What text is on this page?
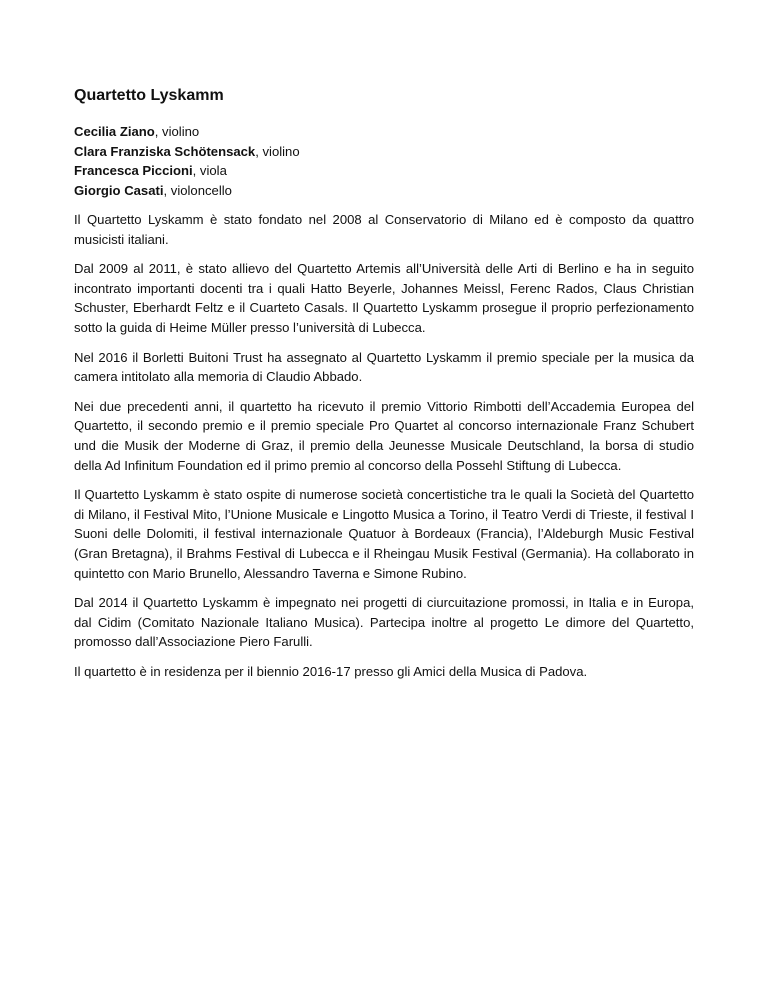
Quartetto Lyskamm
Cecilia Ziano, violino
Clara Franziska Schötensack, violino
Francesca Piccioni, viola
Giorgio Casati, violoncello

Il Quartetto Lyskamm è stato fondato nel 2008 al Conservatorio di Milano ed è composto da quattro musicisti italiani.

Dal 2009 al 2011, è stato allievo del Quartetto Artemis all’Università delle Arti di Berlino e ha in seguito incontrato importanti docenti tra i quali Hatto Beyerle, Johannes Meissl, Ferenc Rados, Claus Christian Schuster, Eberhardt Feltz e il Cuarteto Casals. Il Quartetto Lyskamm prosegue il proprio perfezionamento sotto la guida di Heime Müller presso l’università di Lubecca.

Nel 2016 il Borletti Buitoni Trust ha assegnato al Quartetto Lyskamm il premio speciale per la musica da camera intitolato alla memoria di Claudio Abbado.

Nei due precedenti anni, il quartetto ha ricevuto il premio Vittorio Rimbotti dell’Accademia Europea del Quartetto, il secondo premio e il premio speciale Pro Quartet al concorso internazionale Franz Schubert und die Musik der Moderne di Graz, il premio della Jeunesse Musicale Deutschland, la borsa di studio della Ad Infinitum Foundation ed il primo premio al concorso della Possehl Stiftung di Lubecca.

Il Quartetto Lyskamm è stato ospite di numerose società concertistiche tra le quali la Società del Quartetto di Milano, il Festival Mito, l’Unione Musicale e Lingotto Musica a Torino, il Teatro Verdi di Trieste, il festival I Suoni delle Dolomiti, il festival internazionale Quatuor à Bordeaux (Francia), l’Aldeburgh Music Festival (Gran Bretagna), il Brahms Festival di Lubecca e il Rheingau Musik Festival (Germania). Ha collaborato in quintetto con Mario Brunello, Alessandro Taverna e Simone Rubino.

Dal 2014 il Quartetto Lyskamm è impegnato nei progetti di ciurcuitazione promossi, in Italia e in Europa, dal Cidim (Comitato Nazionale Italiano Musica). Partecipa inoltre al progetto Le dimore del Quartetto, promosso dall’Associazione Piero Farulli.

Il quartetto è in residenza per il biennio 2016-17 presso gli Amici della Musica di Padova.
